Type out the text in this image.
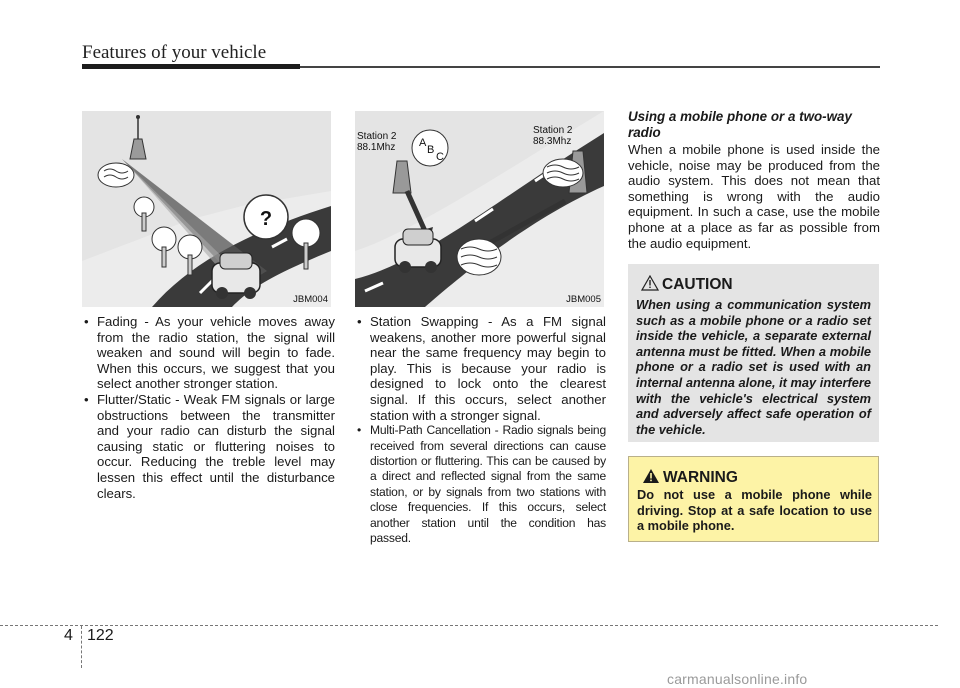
Features of your vehicle
?
JBM004
Station 2
88.1Mhz
Station 2
88.3Mhz
A
B
C
JBM005
• Fading - As your vehicle moves away from the radio station, the signal will weaken and sound will begin to fade. When this occurs, we suggest that you select another stronger station.
• Flutter/Static - Weak FM signals or large obstructions between the transmitter and your radio can disturb the signal causing static or fluttering noises to occur. Reducing the treble level may lessen this effect until the disturbance clears.
• Station Swapping - As a FM signal weakens, another more powerful signal near the same frequency may begin to play. This is because your radio is designed to lock onto the clearest signal. If this occurs, select another station with a stronger signal.
• Multi-Path Cancellation - Radio signals being received from several directions can cause distortion or fluttering. This can be caused by a direct and reflected signal from the same station, or by signals from two stations with close frequencies. If this occurs, select another station until the condition has passed.
Using a mobile phone or a two-way radio
When a mobile phone is used inside the vehicle, noise may be produced from the audio system. This does not mean that something is wrong with the audio equipment. In such a case, use the mobile phone at a place as far as possible from the audio equipment.
CAUTION
When using a communication system such as a mobile phone or a radio set inside the vehicle, a separate external antenna must be fitted. When a mobile phone or a radio set is used with an internal antenna alone, it may interfere with the vehicle's electrical system and adversely affect safe operation of the vehicle.
WARNING
Do not use a mobile phone while driving. Stop at a safe location to use a mobile phone.
4 122
carmanualsonline.info
